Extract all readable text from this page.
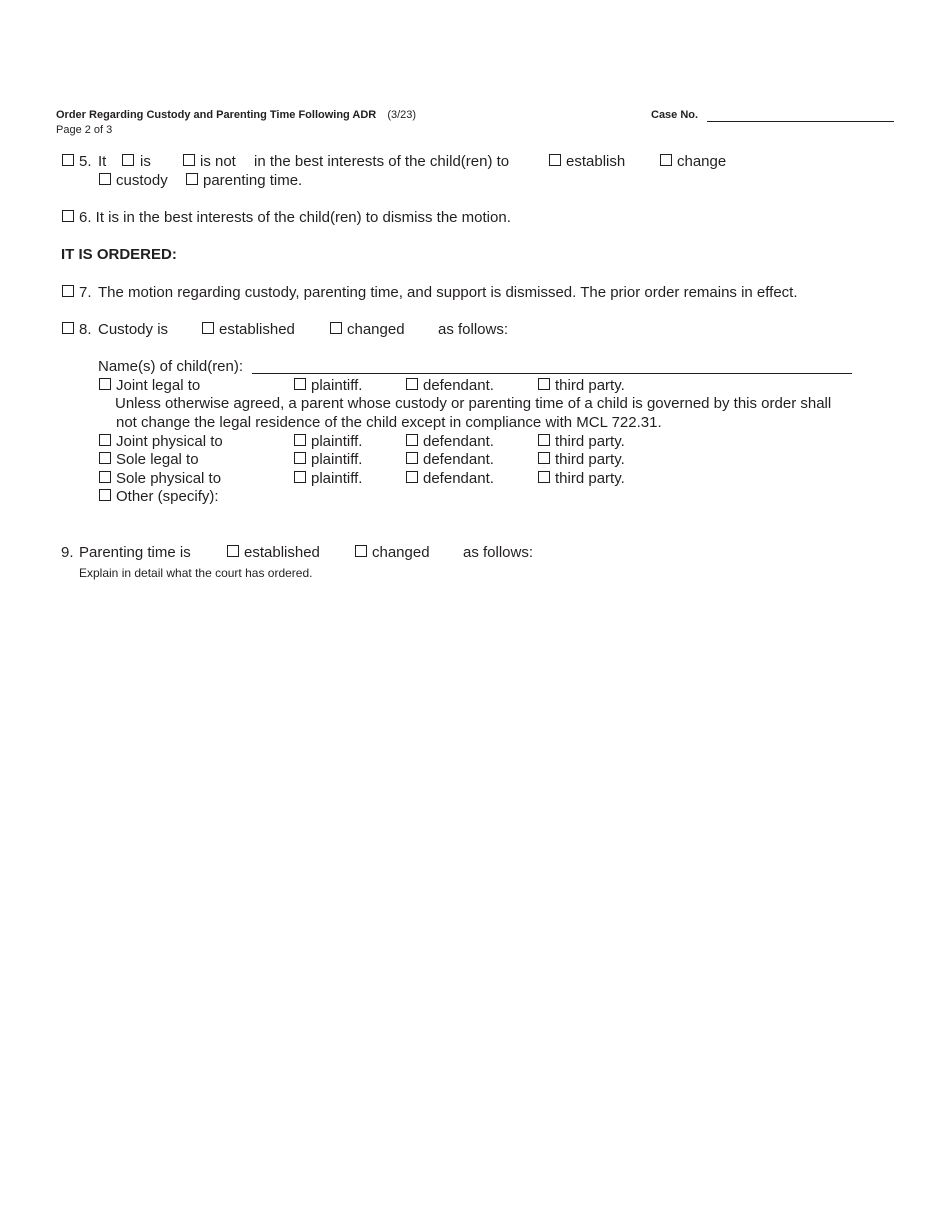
Order Regarding Custody and Parenting Time Following ADR (3/23)
Page 2 of 3
Case No.
5. It is	is not in the best interests of the child(ren) to	establish	change
custody parenting time.
6. It is in the best interests of the child(ren) to dismiss the motion.
IT IS ORDERED:
7. The motion regarding custody, parenting time, and support is dismissed. The prior order remains in effect.
8. Custody is	established	changed as follows:
Name(s) of child(ren):
Joint legal to	plaintiff.	defendant.	third party.
Unless otherwise agreed, a parent whose custody or parenting time of a child is governed by this order shall
not change the legal residence of the child except in compliance with MCL 722.31.
Joint physical to	plaintiff.	defendant.	third party.
Sole legal to	plaintiff.	defendant.	third party.
Sole physical to	plaintiff.	defendant.	third party.
Other (specify):
9. Parenting time is	established	changed as follows:
Explain in detail what the court has ordered.
